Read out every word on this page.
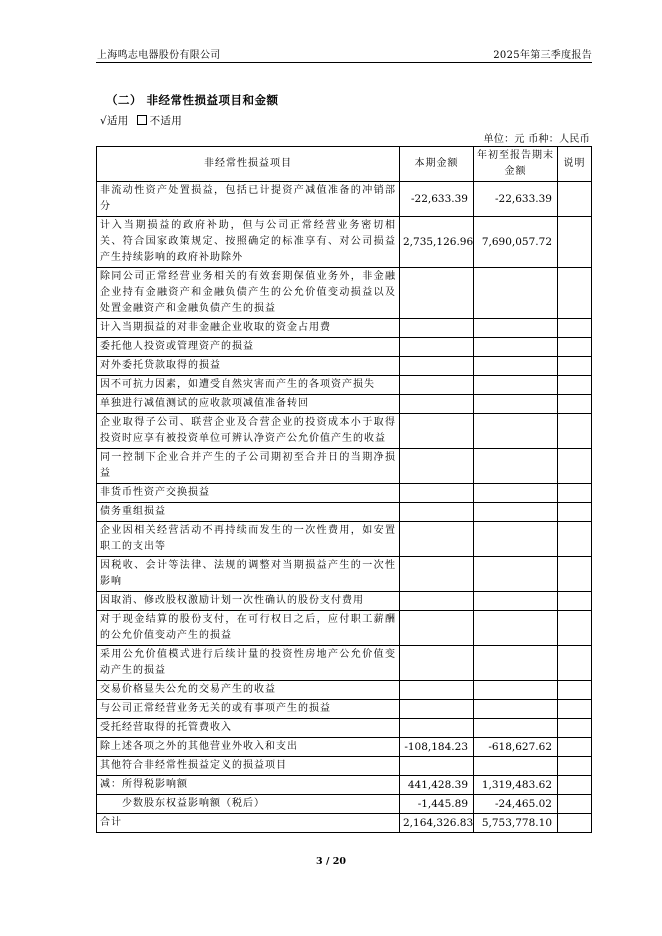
上海鸣志电器股份有限公司	2025年第三季度报告
（二） 非经常性损益项目和金额
√适用 不适用
单位：元 币种：人民币
非经常性损益项目	本期金额	年初至报告期末金额	说明
非流动性资产处置损益，包括已计提资产减值准备的冲销部分	-22,633.39	-22,633.39	
计入当期损益的政府补助，但与公司正常经营业务密切相关、符合国家政策规定、按照确定的标准享有、对公司损益产生持续影响的政府补助除外	2,735,126.96	7,690,057.72	
除同公司正常经营业务相关的有效套期保值业务外，非金融企业持有金融资产和金融负债产生的公允价值变动损益以及处置金融资产和金融负债产生的损益			
计入当期损益的对非金融企业收取的资金占用费			
委托他人投资或管理资产的损益			
对外委托贷款取得的损益			
因不可抗力因素，如遭受自然灾害而产生的各项资产损失			
单独进行减值测试的应收款项减值准备转回			
企业取得子公司、联营企业及合营企业的投资成本小于取得投资时应享有被投资单位可辨认净资产公允价值产生的收益			
同一控制下企业合并产生的子公司期初至合并日的当期净损益			
非货币性资产交换损益			
债务重组损益			
企业因相关经营活动不再持续而发生的一次性费用，如安置职工的支出等			
因税收、会计等法律、法规的调整对当期损益产生的一次性影响			
因取消、修改股权激励计划一次性确认的股份支付费用			
对于现金结算的股份支付，在可行权日之后，应付职工薪酬的公允价值变动产生的损益			
采用公允价值模式进行后续计量的投资性房地产公允价值变动产生的损益			
交易价格显失公允的交易产生的收益			
与公司正常经营业务无关的或有事项产生的损益			
受托经营取得的托管费收入			
除上述各项之外的其他营业外收入和支出	-108,184.23	-618,627.62	
其他符合非经常性损益定义的损益项目			
减：所得税影响额	441,428.39	1,319,483.62	
少数股东权益影响额（税后）	-1,445.89	-24,465.02	
合计	2,164,326.83	5,753,778.10	
3 / 20
